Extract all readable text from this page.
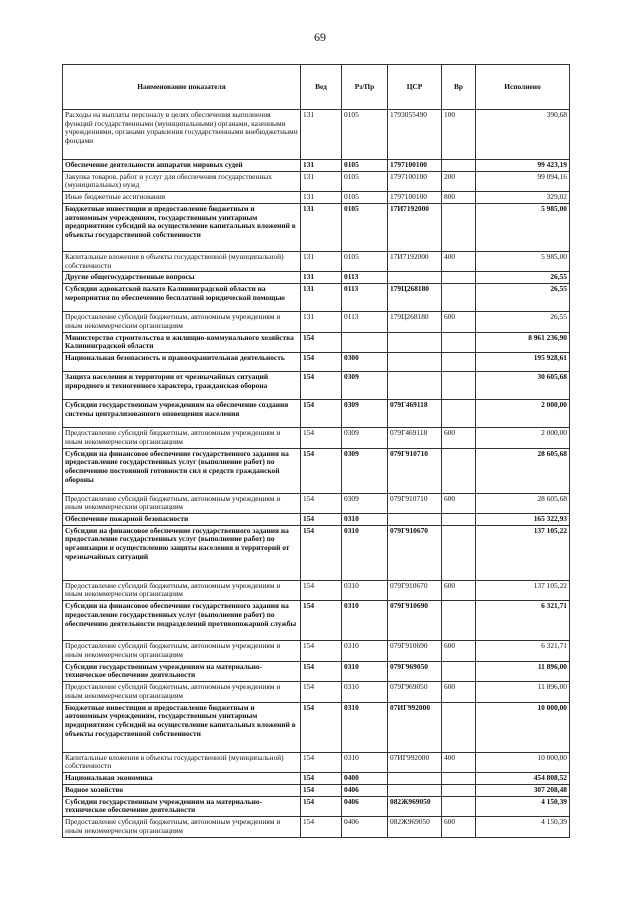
69
Наименование показателя	Вед	Рз/Пр	ЦСР	Вр	Исполнено
Расходы на выплаты персоналу в целях обеспечения выполнения функций государственными (муниципальными) органами, казенными учреждениями, органами управления государственными внебюджетными фондами	131	0105	1793055490	100	390,68
Обеспечение деятельности аппаратов мировых судей	131	0105	1797100100		99 423,19
Закупка товаров, работ и услуг для обеспечения государственных (муниципальных) нужд	131	0105	1797100100	200	99 094,16
Иные бюджетные ассигнования	131	0105	1797100100	800	329,02
Бюджетные инвестиции и предоставление бюджетным и автономным учреждениям, государственным унитарным предприятиям субсидий на осуществление капитальных вложений в объекты государственной собственности	131	0105	17И7192000		5 985,00
Капитальные вложения в объекты государственной (муниципальной) собственности	131	0105	17И7192000	400	5 985,00
Другие общегосударственные вопросы	131	0113			26,55
Субсидии адвокатской палате Калининградской области на мероприятия по обеспечению бесплатной юридической помощью	131	0113	179Ц268180		26,55
Предоставление субсидий бюджетным, автономным учреждениям и иным некоммерческим организациям	131	0113	179Ц268180	600	26,55
Министерство строительства и жилищно-коммунального хозяйства Калининградской области	154				8 961 236,90
Национальная безопасность и правоохранительная деятельность	154	0300			195 928,61
Защита населения и территории от чрезвычайных ситуаций природного и техногенного характера, гражданская оборона	154	0309			30 605,68
Субсидии государственным учреждениям на обеспечение создания системы централизованного оповещения населения	154	0309	079Г469118		2 000,00
Предоставление субсидий бюджетным, автономным учреждениям и иным некоммерческим организациям	154	0309	079Г469118	600	2 000,00
Субсидии на финансовое обеспечение государственного задания на предоставление государственных услуг (выполнение работ) по обеспечению постоянной готовности сил и средств гражданской обороны	154	0309	079Г910710		28 605,68
Предоставление субсидий бюджетным, автономным учреждениям и иным некоммерческим организациям	154	0309	079Г910710	600	28 605,68
Обеспечение пожарной безопасности	154	0310			165 322,93
Субсидии на финансовое обеспечение государственного задания на предоставление государственных услуг (выполнение работ) по организации и осуществлению защиты населения и территорий от чрезвычайных ситуаций	154	0310	079Г910670		137 105,22
Предоставление субсидий бюджетным, автономным учреждениям и иным некоммерческим организациям	154	0310	079Г910670	600	137 105,22
Субсидии на финансовое обеспечение государственного задания на предоставление государственных услуг (выполнение работ) по обеспечению деятельности подразделений противопожарной службы	154	0310	079Г910690		6 321,71
Предоставление субсидий бюджетным, автономным учреждениям и иным некоммерческим организациям	154	0310	079Г910690	600	6 321,71
Субсидии государственным учреждениям на материально-техническое обеспечение деятельности	154	0310	079Г969050		11 896,00
Предоставление субсидий бюджетным, автономным учреждениям и иным некоммерческим организациям	154	0310	079Г969050	600	11 896,00
Бюджетные инвестиции и предоставление бюджетным и автономным учреждениям, государственным унитарным предприятиям субсидий на осуществление капитальных вложений в объекты государственной собственности	154	0310	07ИГ992000		10 000,00
Капитальные вложения в объекты государственной (муниципальной) собственности	154	0310	07ИГ992000	400	10 000,00
Национальная экономика	154	0400			454 808,52
Водное хозяйство	154	0406			307 208,48
Субсидии государственным учреждениям на материально-техническое обеспечение деятельности	154	0406	082Ж969050		4 150,39
Предоставление субсидий бюджетным, автономным учреждениям и иным некоммерческим организациям	154	0406	082Ж969050	600	4 150,39
